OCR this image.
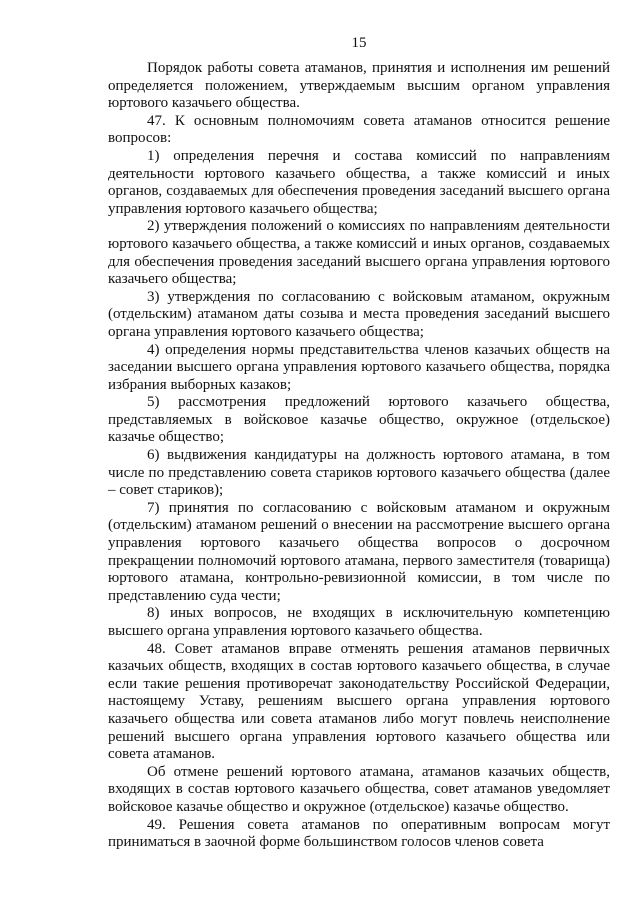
15

Порядок работы совета атаманов, принятия и исполнения им решений определяется положением, утверждаемым высшим органом управления юртового казачьего общества.

47. К основным полномочиям совета атаманов относится решение вопросов:

1) определения перечня и состава комиссий по направлениям деятельности юртового казачьего общества, а также комиссий и иных органов, создаваемых для обеспечения проведения заседаний высшего органа управления юртового казачьего общества;

2) утверждения положений о комиссиях по направлениям деятельности юртового казачьего общества, а также комиссий и иных органов, создаваемых для обеспечения проведения заседаний высшего органа управления юртового казачьего общества;

3) утверждения по согласованию с войсковым атаманом, окружным (отдельским) атаманом даты созыва и места проведения заседаний высшего органа управления юртового казачьего общества;

4) определения нормы представительства членов казачьих обществ на заседании высшего органа управления юртового казачьего общества, порядка избрания выборных казаков;

5) рассмотрения предложений юртового казачьего общества, представляемых в войсковое казачье общество, окружное (отдельское) казачье общество;

6) выдвижения кандидатуры на должность юртового атамана, в том числе по представлению совета стариков юртового казачьего общества (далее – совет стариков);

7) принятия по согласованию с войсковым атаманом и окружным (отдельским) атаманом решений о внесении на рассмотрение высшего органа управления юртового казачьего общества вопросов о досрочном прекращении полномочий юртового атамана, первого заместителя (товарища) юртового атамана, контрольно-ревизионной комиссии, в том числе по представлению суда чести;

8) иных вопросов, не входящих в исключительную компетенцию высшего органа управления юртового казачьего общества.

48. Совет атаманов вправе отменять решения атаманов первичных казачьих обществ, входящих в состав юртового казачьего общества, в случае если такие решения противоречат законодательству Российской Федерации, настоящему Уставу, решениям высшего органа управления юртового казачьего общества или совета атаманов либо могут повлечь неисполнение решений высшего органа управления юртового казачьего общества или совета атаманов.

Об отмене решений юртового атамана, атаманов казачьих обществ, входящих в состав юртового казачьего общества, совет атаманов уведомляет войсковое казачье общество и окружное (отдельское) казачье общество.

49. Решения совета атаманов по оперативным вопросам могут приниматься в заочной форме большинством голосов членов совета
